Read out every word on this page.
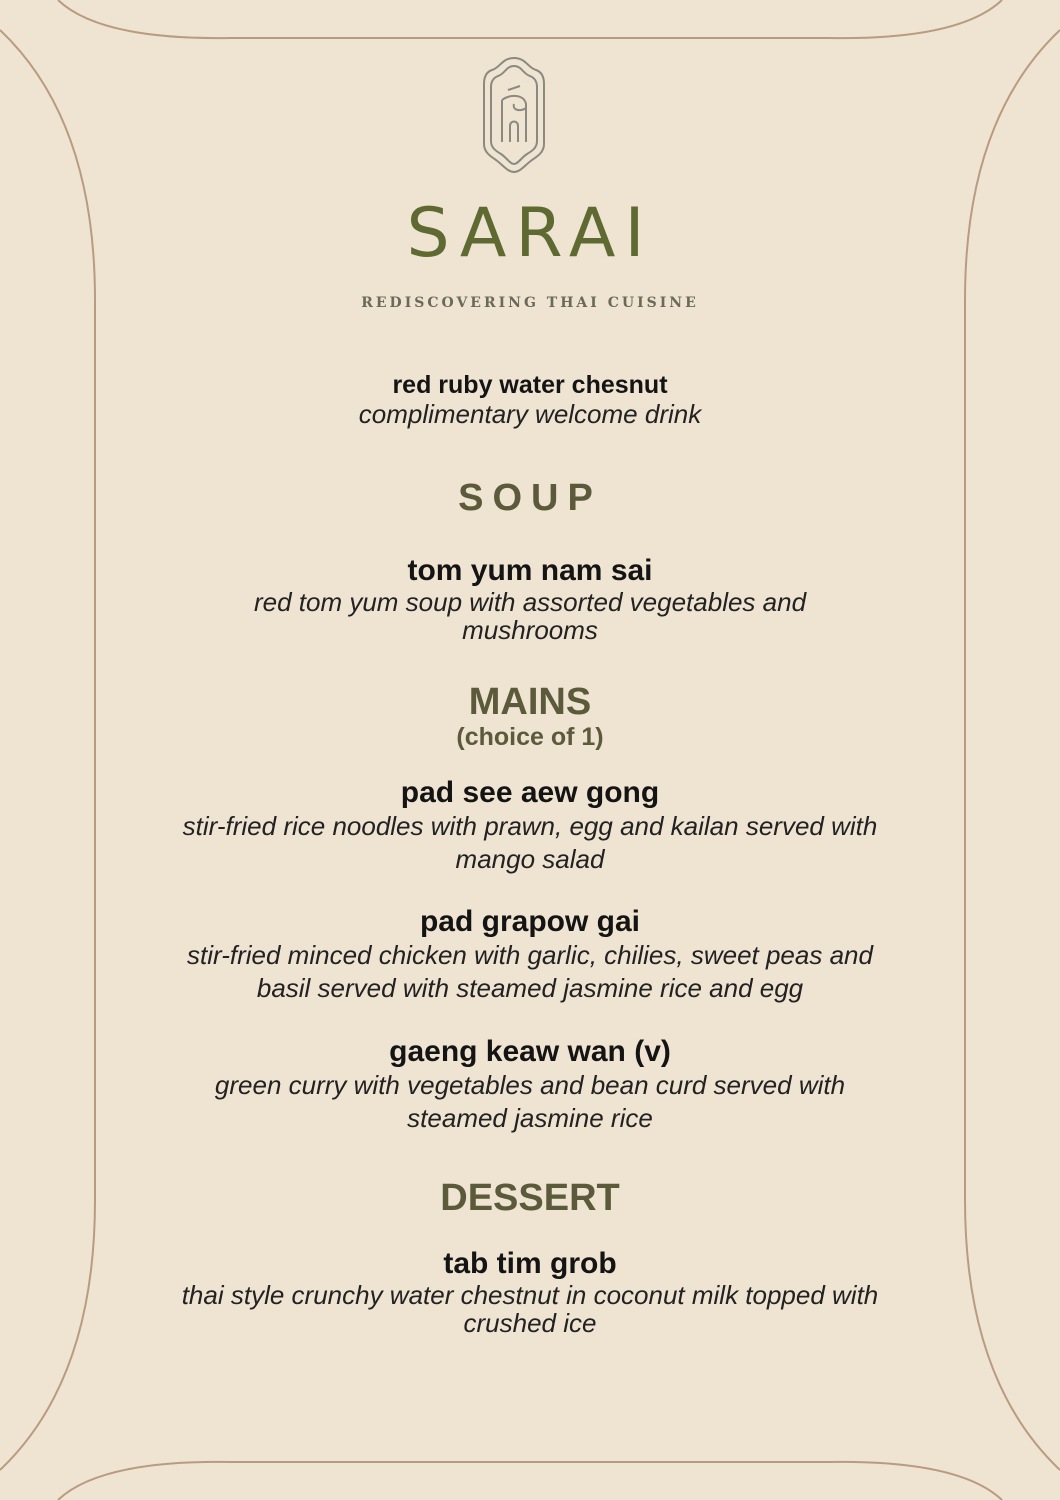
SARAI
REDISCOVERING THAI CUISINE
red ruby water chesnut
complimentary welcome drink
SOUP
tom yum nam sai
red tom yum soup with assorted vegetables and mushrooms
MAINS
(choice of 1)
pad see aew gong
stir-fried rice noodles with prawn, egg and kailan served with mango salad
pad grapow gai
stir-fried minced chicken with garlic, chilies, sweet peas and basil served with steamed jasmine rice and egg
gaeng keaw wan (v)
green curry with vegetables and bean curd served with steamed jasmine rice
DESSERT
tab tim grob
thai style crunchy water chestnut in coconut milk topped with crushed ice
